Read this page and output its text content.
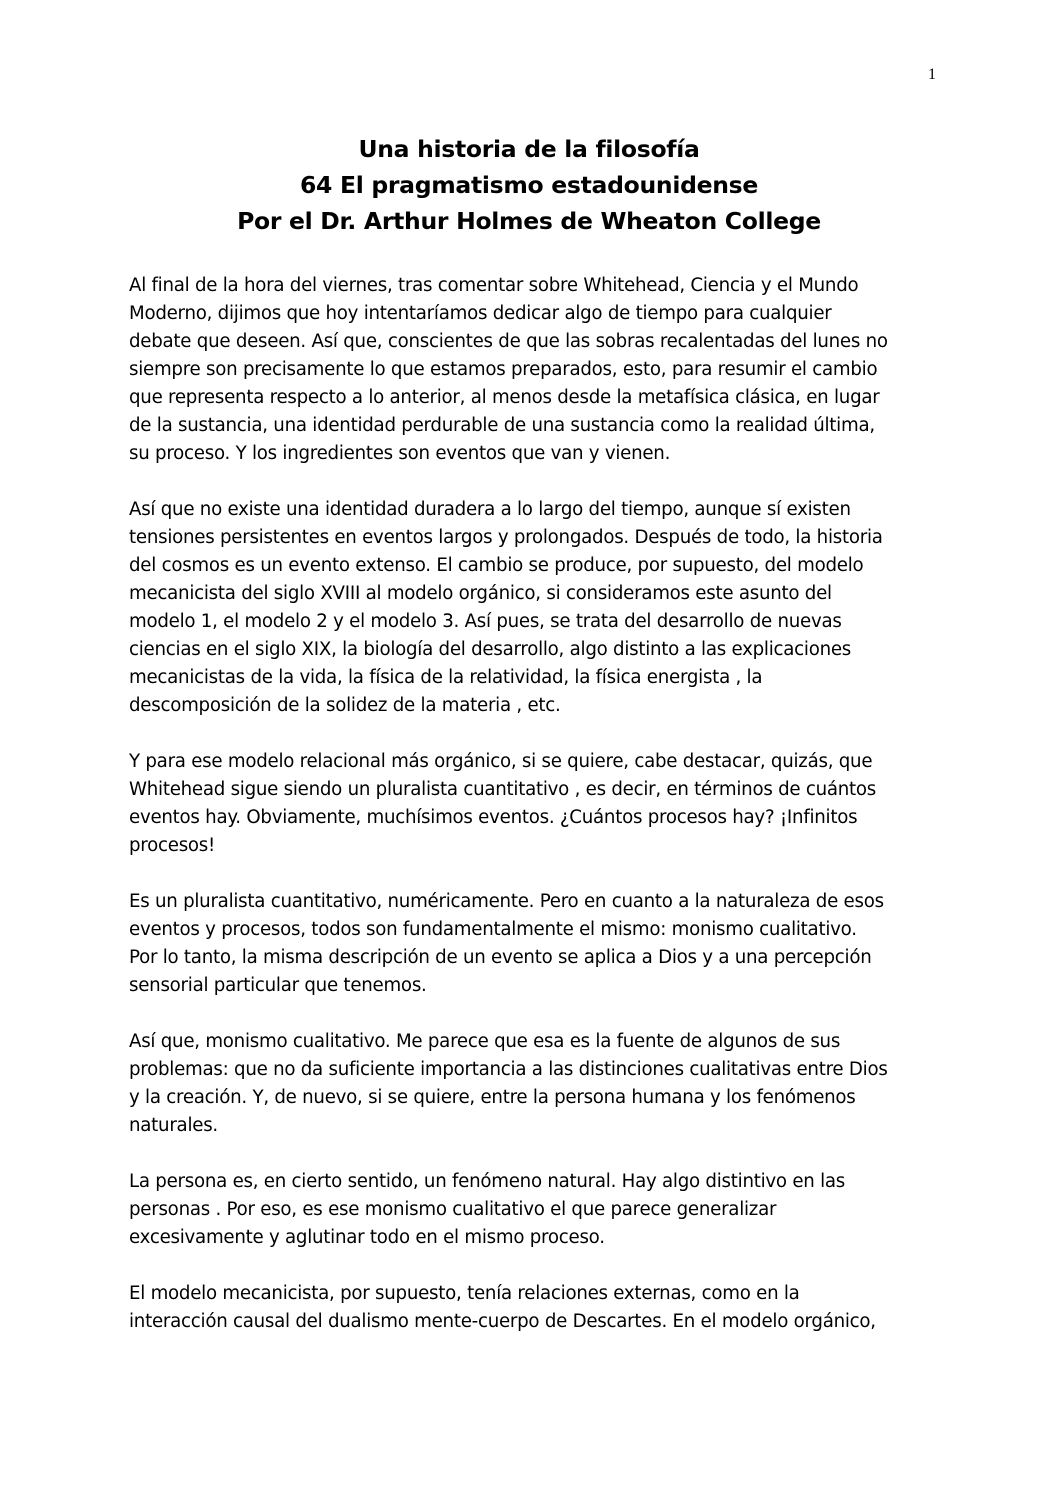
1
Una historia de la filosofía
64 El pragmatismo estadounidense
Por el Dr. Arthur Holmes de Wheaton College

Al final de la hora del viernes, tras comentar sobre Whitehead, Ciencia y el Mundo
Moderno, dijimos que hoy intentaríamos dedicar algo de tiempo para cualquier
debate que deseen. Así que, conscientes de que las sobras recalentadas del lunes no
siempre son precisamente lo que estamos preparados, esto, para resumir el cambio
que representa respecto a lo anterior, al menos desde la metafísica clásica, en lugar
de la sustancia, una identidad perdurable de una sustancia como la realidad última,
su proceso. Y los ingredientes son eventos que van y vienen.

Así que no existe una identidad duradera a lo largo del tiempo, aunque sí existen
tensiones persistentes en eventos largos y prolongados. Después de todo, la historia
del cosmos es un evento extenso. El cambio se produce, por supuesto, del modelo
mecanicista del siglo XVIII al modelo orgánico, si consideramos este asunto del
modelo 1, el modelo 2 y el modelo 3. Así pues, se trata del desarrollo de nuevas
ciencias en el siglo XIX, la biología del desarrollo, algo distinto a las explicaciones
mecanicistas de la vida, la física de la relatividad, la física energista , la
descomposición de la solidez de la materia , etc.

Y para ese modelo relacional más orgánico, si se quiere, cabe destacar, quizás, que
Whitehead sigue siendo un pluralista cuantitativo , es decir, en términos de cuántos
eventos hay. Obviamente, muchísimos eventos. ¿Cuántos procesos hay? ¡Infinitos
procesos!

Es un pluralista cuantitativo, numéricamente. Pero en cuanto a la naturaleza de esos
eventos y procesos, todos son fundamentalmente el mismo: monismo cualitativo.
Por lo tanto, la misma descripción de un evento se aplica a Dios y a una percepción
sensorial particular que tenemos.

Así que, monismo cualitativo. Me parece que esa es la fuente de algunos de sus
problemas: que no da suficiente importancia a las distinciones cualitativas entre Dios
y la creación. Y, de nuevo, si se quiere, entre la persona humana y los fenómenos
naturales.

La persona es, en cierto sentido, un fenómeno natural. Hay algo distintivo en las
personas . Por eso, es ese monismo cualitativo el que parece generalizar
excesivamente y aglutinar todo en el mismo proceso.

El modelo mecanicista, por supuesto, tenía relaciones externas, como en la
interacción causal del dualismo mente-cuerpo de Descartes. En el modelo orgánico,
